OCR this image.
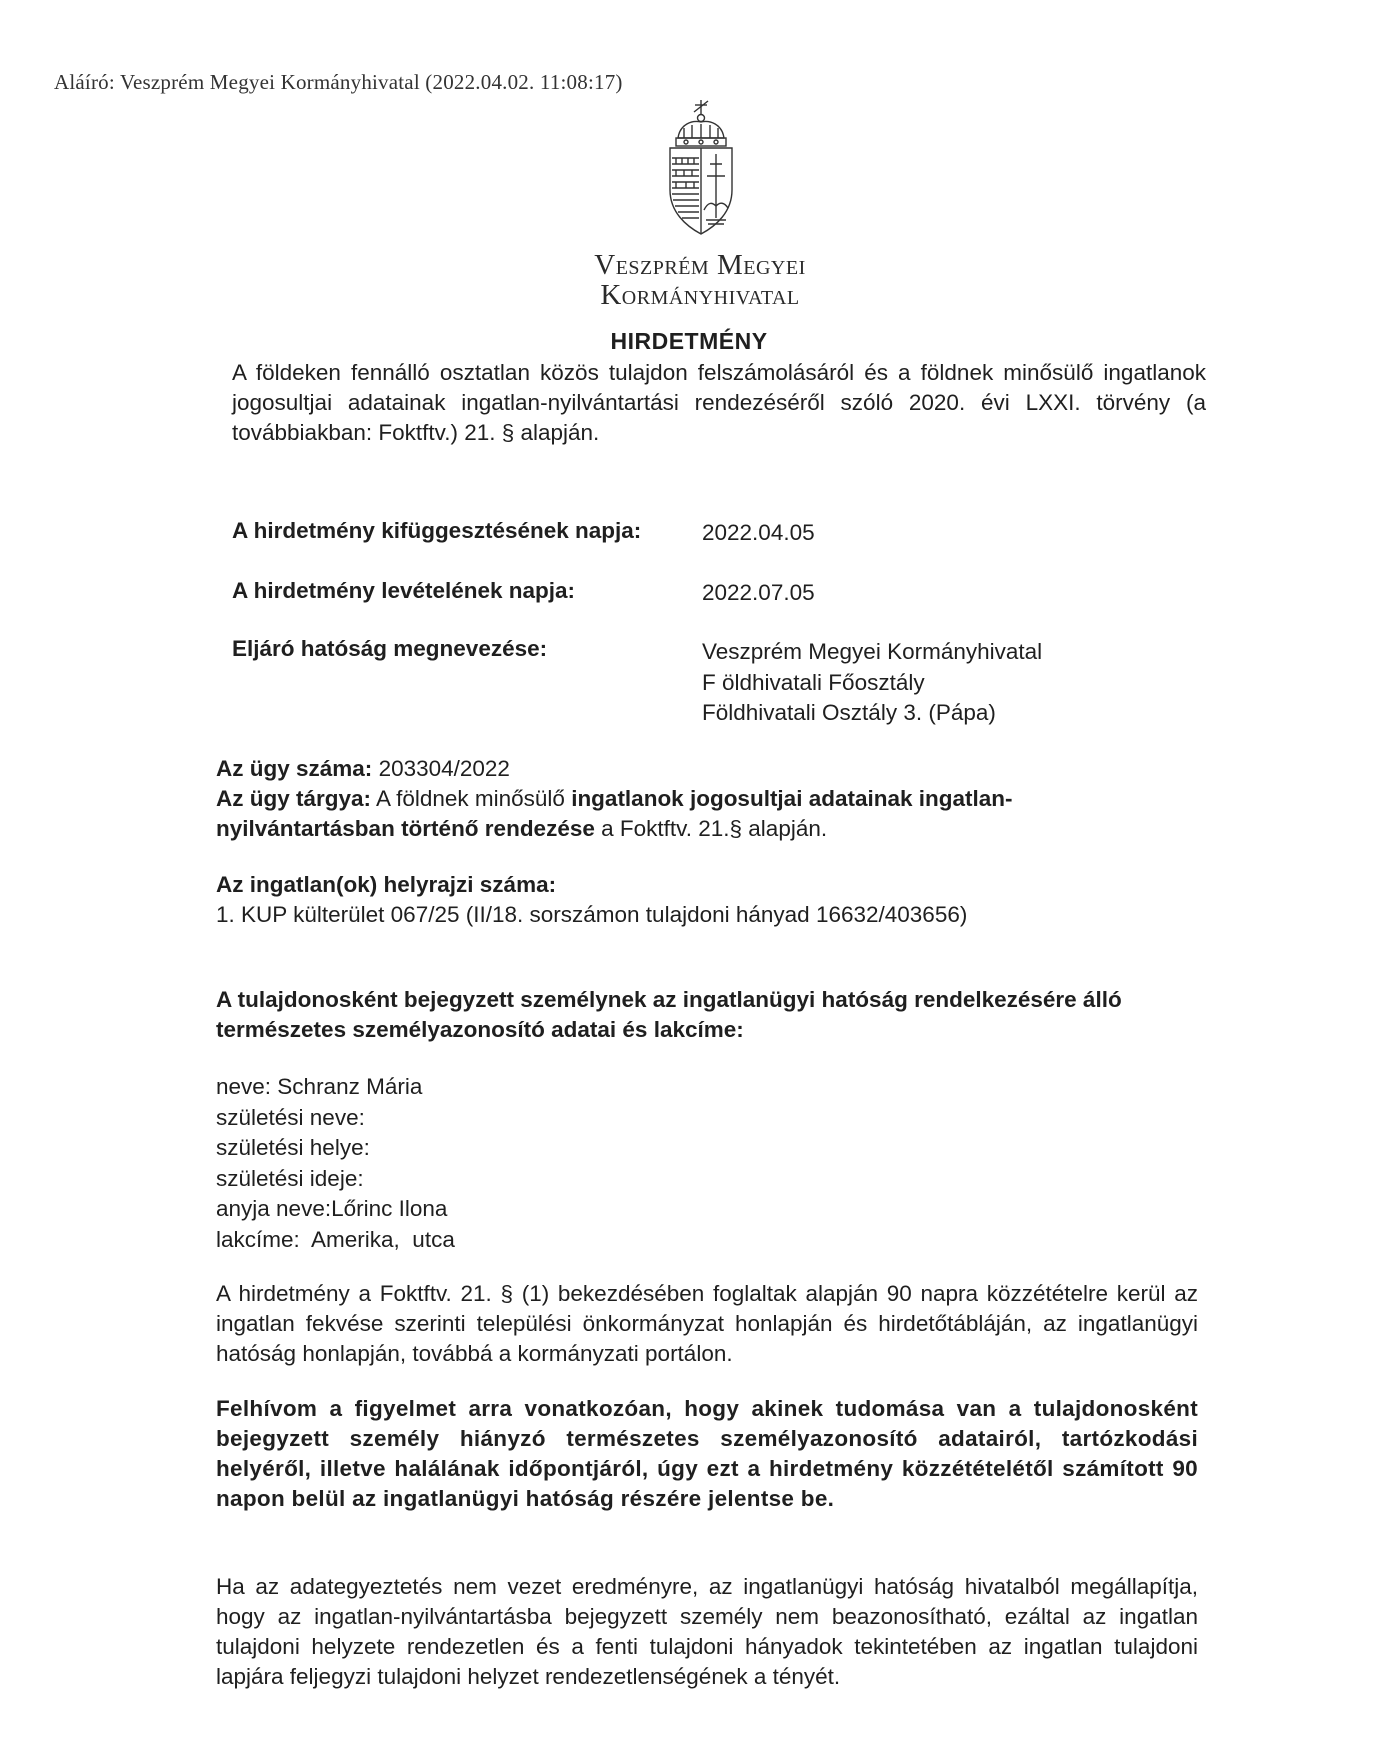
Aláíró: Veszprém Megyei Kormányhivatal (2022.04.02. 11:08:17)
Veszprém Megyei
Kormányhivatal
HIRDETMÉNY
A földeken fennálló osztatlan közös tulajdon felszámolásáról és a földnek minősülő ingatlanok jogosultjai adatainak ingatlan-nyilvántartási rendezéséről szóló 2020. évi LXXI. törvény (a továbbiakban: Foktftv.) 21. § alapján.
A hirdetmény kifüggesztésének napja:	2022.04.05
A hirdetmény levételének napja:	2022.07.05
Eljáró hatóság megnevezése:	Veszprém Megyei Kormányhivatal
F öldhivatali Főosztály
Földhivatali Osztály 3. (Pápa)
Az ügy száma: 203304/2022
Az ügy tárgya: A földnek minősülő ingatlanok jogosultjai adatainak ingatlan-nyilvántartásban történő rendezése a Foktftv. 21.§ alapján.
Az ingatlan(ok) helyrajzi száma:
1. KUP külterület 067/25 (II/18. sorszámon tulajdoni hányad 16632/403656)
A tulajdonosként bejegyzett személynek az ingatlanügyi hatóság rendelkezésére álló természetes személyazonosító adatai és lakcíme:
neve: Schranz Mária
születési neve:
születési helye:
születési ideje:
anyja neve:Lőrinc Ilona
lakcíme:  Amerika,  utca
A hirdetmény a Foktftv. 21. § (1) bekezdésében foglaltak alapján 90 napra közzétételre kerül az ingatlan fekvése szerinti települési önkormányzat honlapján és hirdetőtábláján, az ingatlanügyi hatóság honlapján, továbbá a kormányzati portálon.
Felhívom a figyelmet arra vonatkozóan, hogy akinek tudomása van a tulajdonosként bejegyzett személy hiányzó természetes személyazonosító adatairól, tartózkodási helyéről, illetve halálának időpontjáról, úgy ezt a hirdetmény közzétételétől számított 90 napon belül az ingatlanügyi hatóság részére jelentse be.
Ha az adategyeztetés nem vezet eredményre, az ingatlanügyi hatóság hivatalból megállapítja, hogy az ingatlan-nyilvántartásba bejegyzett személy nem beazonosítható, ezáltal az ingatlan tulajdoni helyzete rendezetlen és a fenti tulajdoni hányadok tekintetében az ingatlan tulajdoni lapjára feljegyzi tulajdoni helyzet rendezetlenségének a tényét.
